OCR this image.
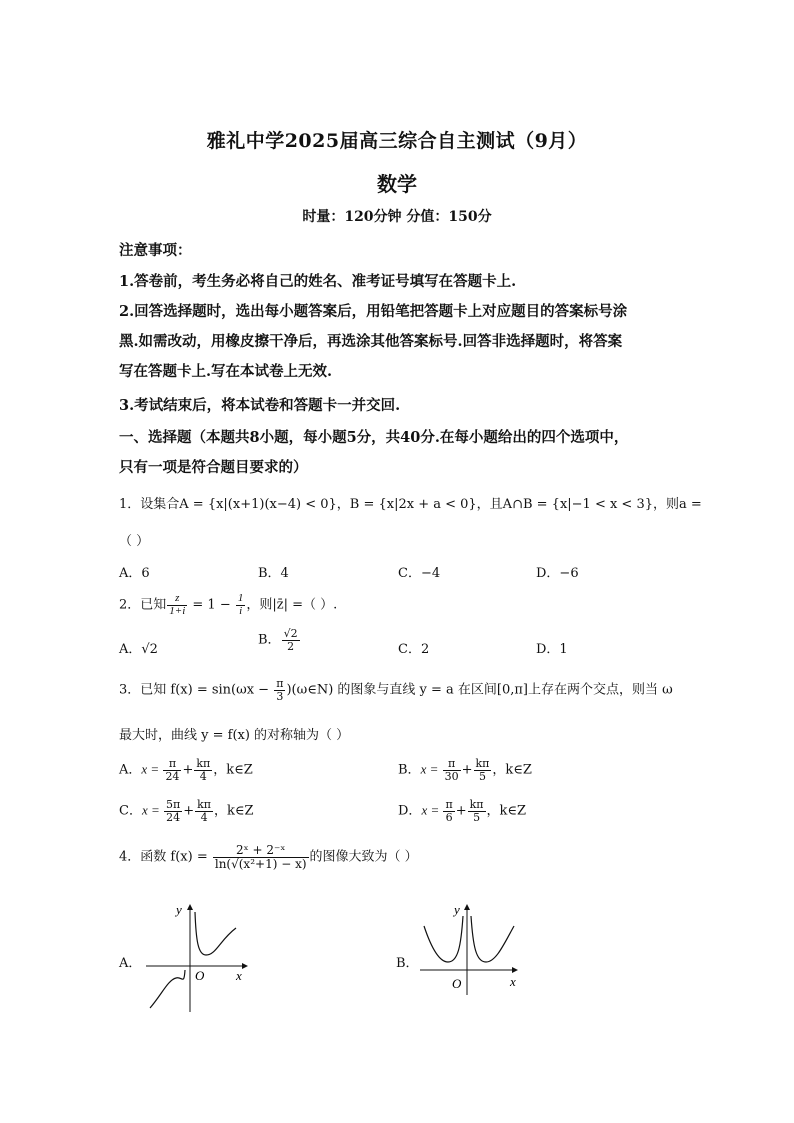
雅礼中学2025届高三综合自主测试（9月）
数学
时量：120分钟 分值：150分
注意事项：
1.答卷前，考生务必将自己的姓名、准考证号填写在答题卡上.
2.回答选择题时，选出每小题答案后，用铅笔把答题卡上对应题目的答案标号涂
黑.如需改动，用橡皮擦干净后，再选涂其他答案标号.回答非选择题时，将答案
写在答题卡上.写在本试卷上无效.
3.考试结束后，将本试卷和答题卡一并交回.
一、选择题（本题共8小题，每小题5分，共40分.在每小题给出的四个选项中，
只有一项是符合题目要求的）
1．设集合A = {x|(x+1)(x−4) < 0}，B = {x|2x + a < 0}，且A∩B = {x|−1 < x < 3}，则a =
（ ）
A．6	B．4	C．−4	D．−6
2．已知 $\frac{z}{1+i} = 1 - \frac{1}{i}$ ，则|z̄| =（ ）.
A．√2
B． $\frac{√2}{2}$	C．2	D．1
3．已知 $f(x) = \sin(\omega x - \frac{\pi}{3}$ )(ω∈N) 的图象与直线 y = a 在区间[0,π]上存在两个交点，则当 ω
最大时，曲线 y = f(x) 的对称轴为（ ）
A．$x = \frac{\pi}{24} + \frac{k\pi}{4}$ ，k∈Z	B．$x = \frac{\pi}{30} + \frac{k\pi}{5}$ ，k∈Z
C．$x = \frac{5\pi}{24} + \frac{k\pi}{4}$ ，k∈Z	D．$x = \frac{\pi}{6} + \frac{k\pi}{5}$ ，k∈Z
4．函数 $f(x) = \frac{\text{2ˣ + 2⁻ˣ}}{\text{ln(√(x²+1) − x)}}$ 的图像大致为（ ）
A．	B．
y
x
O
y
x
O
